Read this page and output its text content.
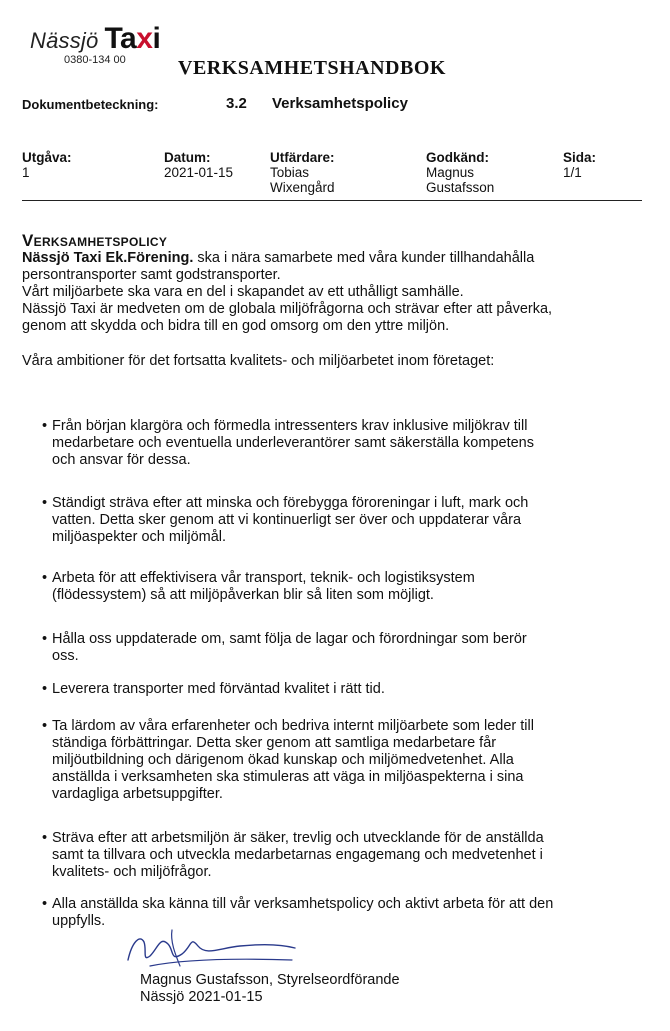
Nässjö Taxi
0380-134 00	VERKSAMHETSHANDBOK
Dokumentbeteckning:	3.2 Verksamhetspolicy
Utgåva:
1
Datum:
2021-01-15
Utfärdare:
Tobias
Wixengård
Godkänd:
Magnus
Gustafsson
Sida:
1/1
Verksamhetspolicy

Nässjö Taxi Ek.Förening. ska i nära samarbete med våra kunder tillhandahålla

persontransporter samt godstransporter.

Vårt miljöarbete ska vara en del i skapandet av ett uthålligt samhälle.

Nässjö Taxi är medveten om de globala miljöfrågorna och strävar efter att påverka,

genom att skydda och bidra till en god omsorg om den yttre miljön.

Våra ambitioner för det fortsatta kvalitets- och miljöarbetet inom företaget:

• Från början klargöra och förmedla intressenters krav inklusive miljökrav till
medarbetare och eventuella underleverantörer samt säkerställa kompetens
och ansvar för dessa.
• Ständigt sträva efter att minska och förebygga föroreningar i luft, mark och
vatten. Detta sker genom att vi kontinuerligt ser över och uppdaterar våra
miljöaspekter och miljömål.
• Arbeta för att effektivisera vår transport, teknik- och logistiksystem
(flödessystem) så att miljöpåverkan blir så liten som möjligt.
• Hålla oss uppdaterade om, samt följa de lagar och förordningar som berör
oss.
• Leverera transporter med förväntad kvalitet i rätt tid.
• Ta lärdom av våra erfarenheter och bedriva internt miljöarbete som leder till
ständiga förbättringar. Detta sker genom att samtliga medarbetare får
miljöutbildning och därigenom ökad kunskap och miljömedvetenhet. Alla
anställda i verksamheten ska stimuleras att väga in miljöaspekterna i sina
vardagliga arbetsuppgifter.
• Sträva efter att arbetsmiljön är säker, trevlig och utvecklande för de anställda
samt ta tillvara och utveckla medarbetarnas engagemang och medvetenhet i
kvalitets- och miljöfrågor.
• Alla anställda ska känna till vår verksamhetspolicy och aktivt arbeta för att den
uppfylls.
Magnus Gustafsson, Styrelseordförande
Nässjö 2021-01-15
